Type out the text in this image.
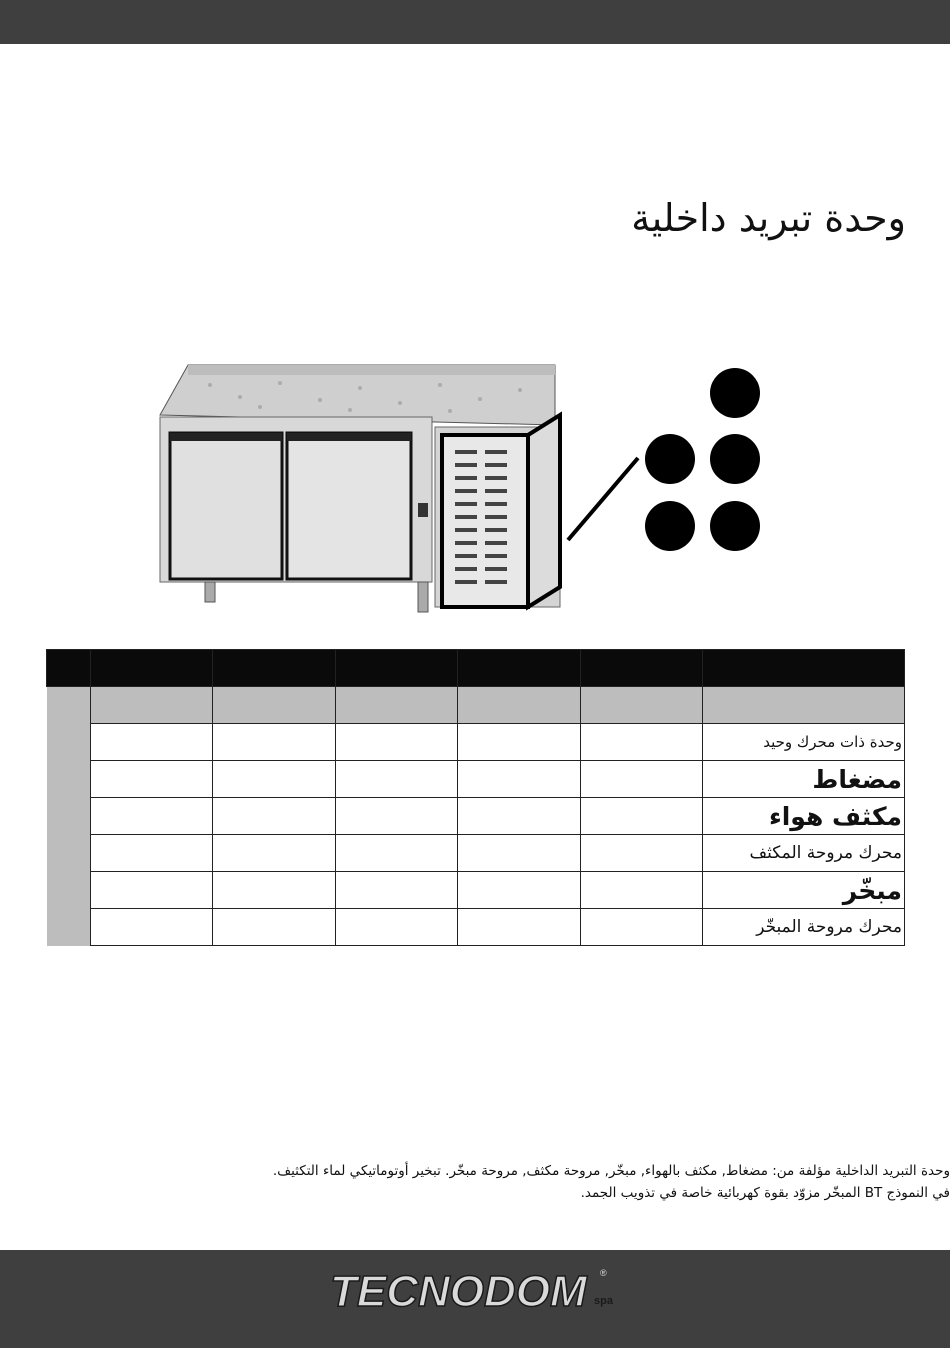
وحدة تبريد داخلية

						وحدة ذات محرك وحيد
						مضغاط
						مكثف هواء
						محرك مروحة المكثف
						مبخّر
						محرك مروحة المبخّر

وحدة التبريد الداخلية مؤلفة من: مضغاط, مكثف بالهواء, مبخّر, مروحة مكثف, مروحة مبخّر. تبخير أوتوماتيكي لماء التكثيف.

في النموذج BT المبخّر مزوّد بقوة كهربائية خاصة في تذويب الجمد.

TECNODOM spa
®
